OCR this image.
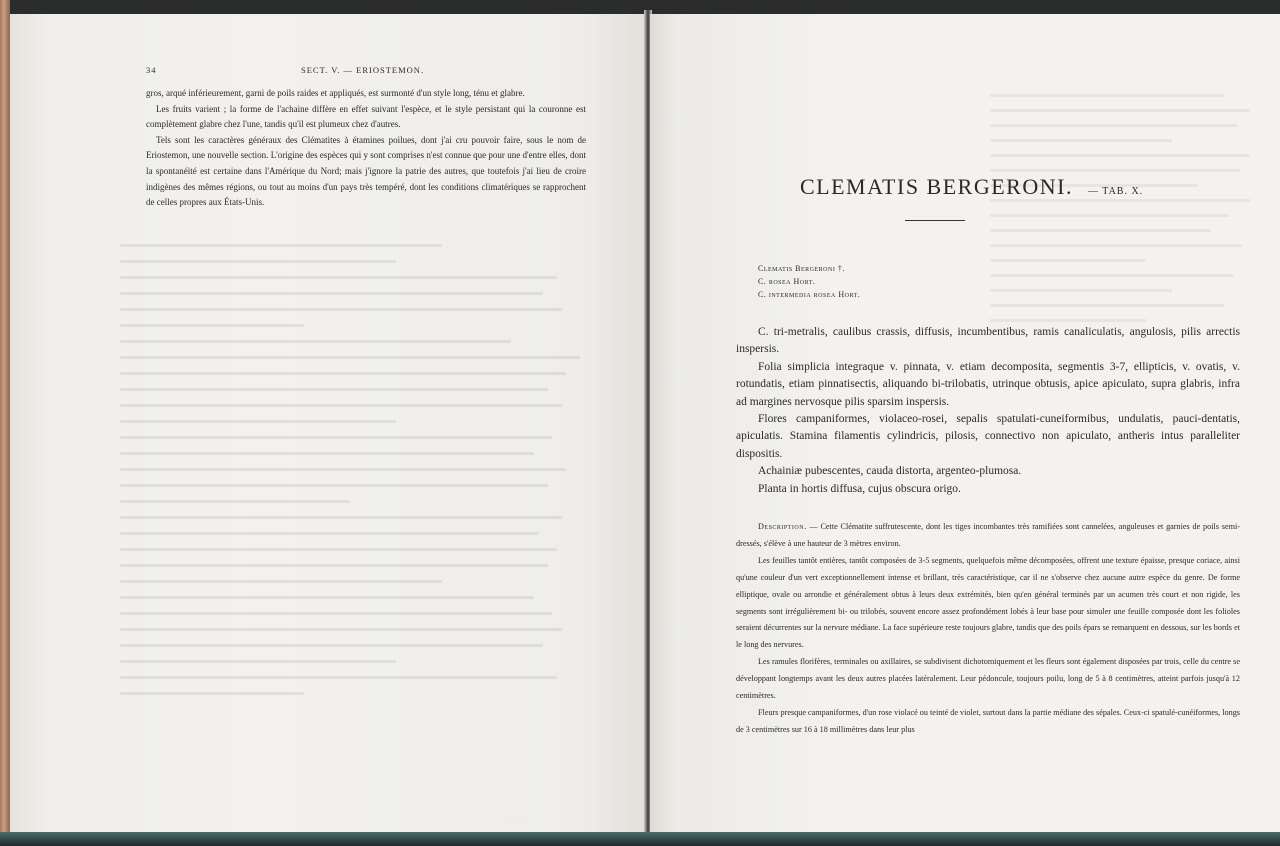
34	SECT. V. — ERIOSTEMON.

gros, arqué inférieurement, garni de poils raides et appliqués, est surmonté d'un style long, ténu et glabre.

Les fruits varient ; la forme de l'achaine diffère en effet suivant l'espèce, et le style persistant qui la couronne est complètement glabre chez l'une, tandis qu'il est plumeux chez d'autres.

Tels sont les caractères généraux des Clématites à étamines poilues, dont j'ai cru pouvoir faire, sous le nom de Eriostemon, une nouvelle section. L'origine des espèces qui y sont comprises n'est connue que pour une d'entre elles, dont la spontanéité est certaine dans l'Amérique du Nord; mais j'ignore la patrie des autres, que toutefois j'ai lieu de croire indigènes des mêmes régions, ou tout au moins d'un pays très tempéré, dont les conditions climatériques se rapprochent de celles propres aux États-Unis.

· · ·
CLEMATIS BERGERONI. — TAB. X.
Clematis Bergeroni †.
C. rosea Hort.
C. intermedia rosea Hort.

C. tri-metralis, caulibus crassis, diffusis, incumbentibus, ramis canaliculatis, angulosis, pilis arrectis inspersis.

Folia simplicia integraque v. pinnata, v. etiam decomposita, segmentis 3-7, ellipticis, v. ovatis, v. rotundatis, etiam pinnatisectis, aliquando bi-trilobatis, utrinque obtusis, apice apiculato, supra glabris, infra ad margines nervosque pilis sparsim inspersis.

Flores campaniformes, violaceo-rosei, sepalis spatulati-cuneiformibus, undulatis, pauci-dentatis, apiculatis. Stamina filamentis cylindricis, pilosis, connectivo non apiculato, antheris intus paralleliter dispositis.

Achainiæ pubescentes, cauda distorta, argenteo-plumosa.

Planta in hortis diffusa, cujus obscura origo.

Description. — Cette Clématite suffrutescente, dont les tiges incombantes très ramifiées sont cannelées, anguleuses et garnies de poils semi-dressés, s'élève à une hauteur de 3 mètres environ.

Les feuilles tantôt entières, tantôt composées de 3-5 segments, quelquefois même décomposées, offrent une texture épaisse, presque coriace, ainsi qu'une couleur d'un vert exceptionnellement intense et brillant, très caractéristique, car il ne s'observe chez aucune autre espèce du genre. De forme elliptique, ovale ou arrondie et généralement obtus à leurs deux extrémités, bien qu'en général terminés par un acumen très court et non rigide, les segments sont irrégulièrement bi- ou trilobés, souvent encore assez profondément lobés à leur base pour simuler une feuille composée dont les folioles seraient décurrentes sur la nervure médiane. La face supérieure reste toujours glabre, tandis que des poils épars se remarquent en dessous, sur les bords et le long des nervures.

Les ramules florifères, terminales ou axillaires, se subdivisent dichotomiquement et les fleurs sont également disposées par trois, celle du centre se développant longtemps avant les deux autres placées latéralement. Leur pédoncule, toujours poilu, long de 5 à 8 centimètres, atteint parfois jusqu'à 12 centimètres.

Fleurs presque campaniformes, d'un rose violacé ou teinté de violet, surtout dans la partie médiane des sépales. Ceux-ci spatulé-cunéiformes, longs de 3 centimètres sur 16 à 18 millimètres dans leur plus
